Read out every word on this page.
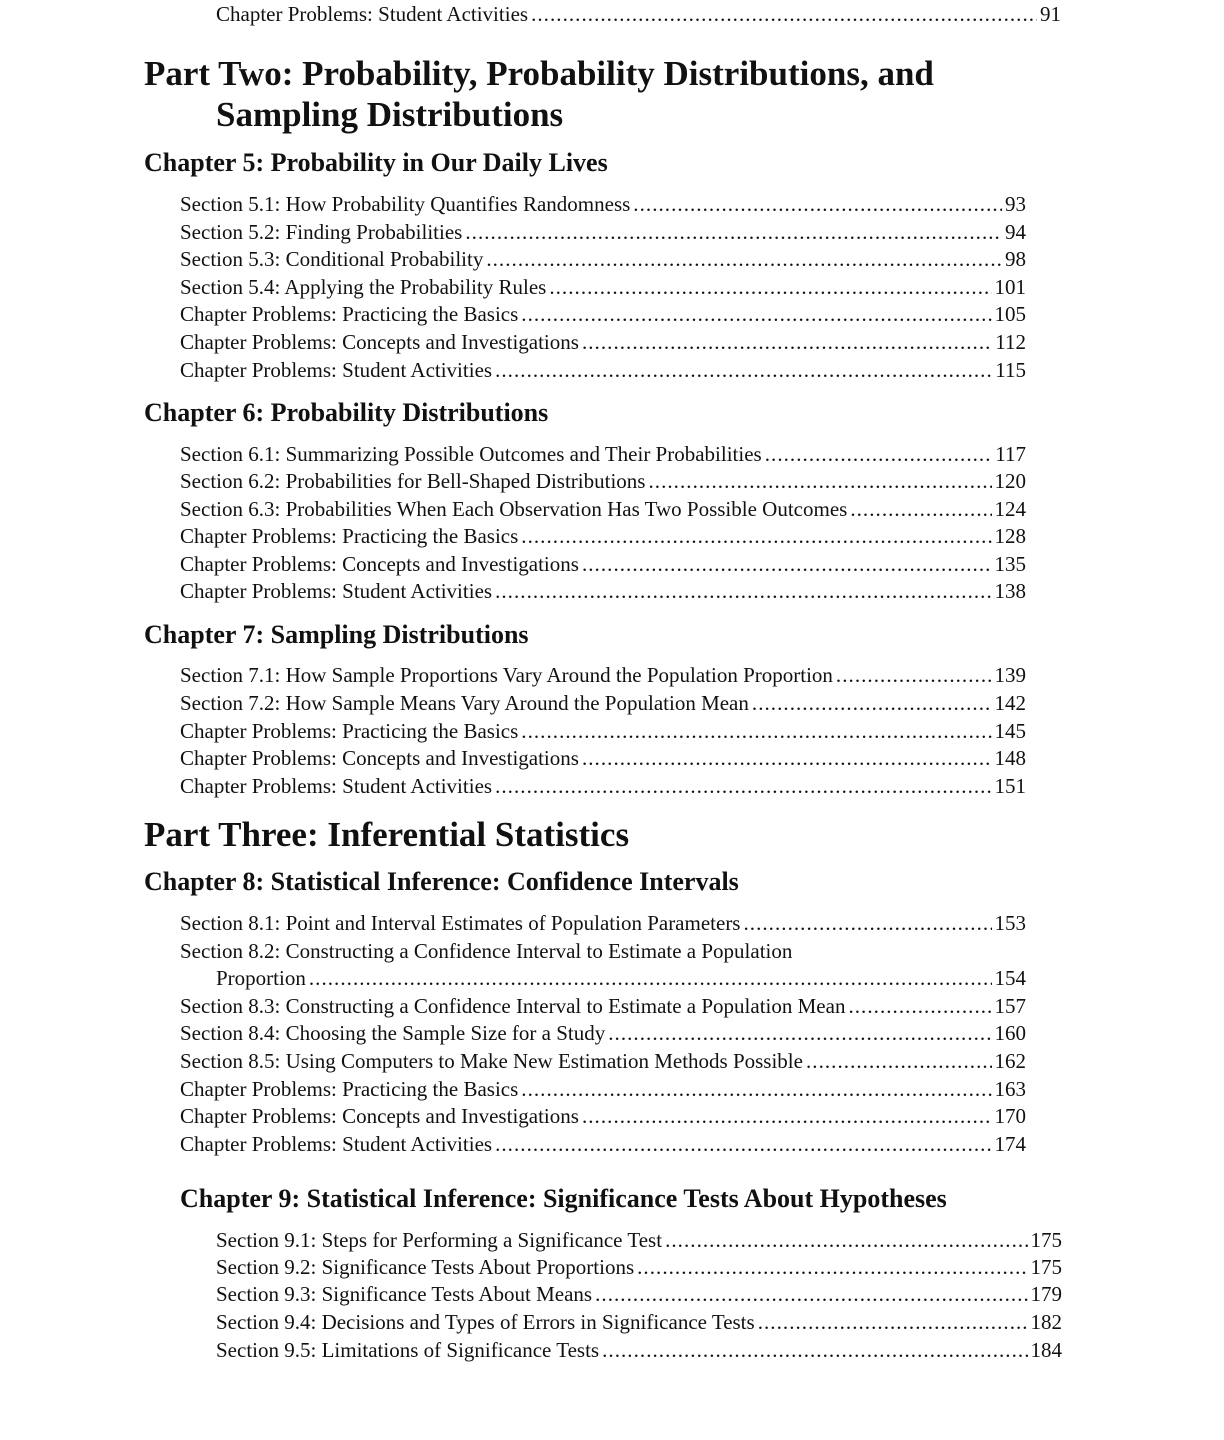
Chapter Problems: Student Activities . . .	91
Part Two: Probability, Probability Distributions, and
Sampling Distributions
Chapter 5: Probability in Our Daily Lives
Section 5.1: How Probability Quantifies Randomness . . .	93
Section 5.2: Finding Probabilities . . .	94
Section 5.3: Conditional Probability . . .	98
Section 5.4: Applying the Probability Rules . . .	101
Chapter Problems: Practicing the Basics . . .	105
Chapter Problems: Concepts and Investigations . . .	112
Chapter Problems: Student Activities . . .	115
Chapter 6: Probability Distributions
Section 6.1: Summarizing Possible Outcomes and Their Probabilities . . .	117
Section 6.2: Probabilities for Bell-Shaped Distributions . . .	120
Section 6.3: Probabilities When Each Observation Has Two Possible Outcomes . . .	124
Chapter Problems: Practicing the Basics . . .	128
Chapter Problems: Concepts and Investigations . . .	135
Chapter Problems: Student Activities . . .	138
Chapter 7: Sampling Distributions
Section 7.1: How Sample Proportions Vary Around the Population Proportion . . .	139
Section 7.2: How Sample Means Vary Around the Population Mean . . .	142
Chapter Problems: Practicing the Basics . . .	145
Chapter Problems: Concepts and Investigations . . .	148
Chapter Problems: Student Activities . . .	151
Part Three: Inferential Statistics
Chapter 8: Statistical Inference: Confidence Intervals
Section 8.1: Point and Interval Estimates of Population Parameters . . .	153
Section 8.2: Constructing a Confidence Interval to Estimate a Population
Proportion . . .	154
Section 8.3: Constructing a Confidence Interval to Estimate a Population Mean . . .	157
Section 8.4: Choosing the Sample Size for a Study . . .	160
Section 8.5: Using Computers to Make New Estimation Methods Possible . . .	162
Chapter Problems: Practicing the Basics . . .	163
Chapter Problems: Concepts and Investigations . . .	170
Chapter Problems: Student Activities . . .	174
Chapter 9: Statistical Inference: Significance Tests About Hypotheses
Section 9.1: Steps for Performing a Significance Test . . .	175
Section 9.2: Significance Tests About Proportions . . .	175
Section 9.3: Significance Tests About Means . . .	179
Section 9.4: Decisions and Types of Errors in Significance Tests . . .	182
Section 9.5: Limitations of Significance Tests . . .	184
